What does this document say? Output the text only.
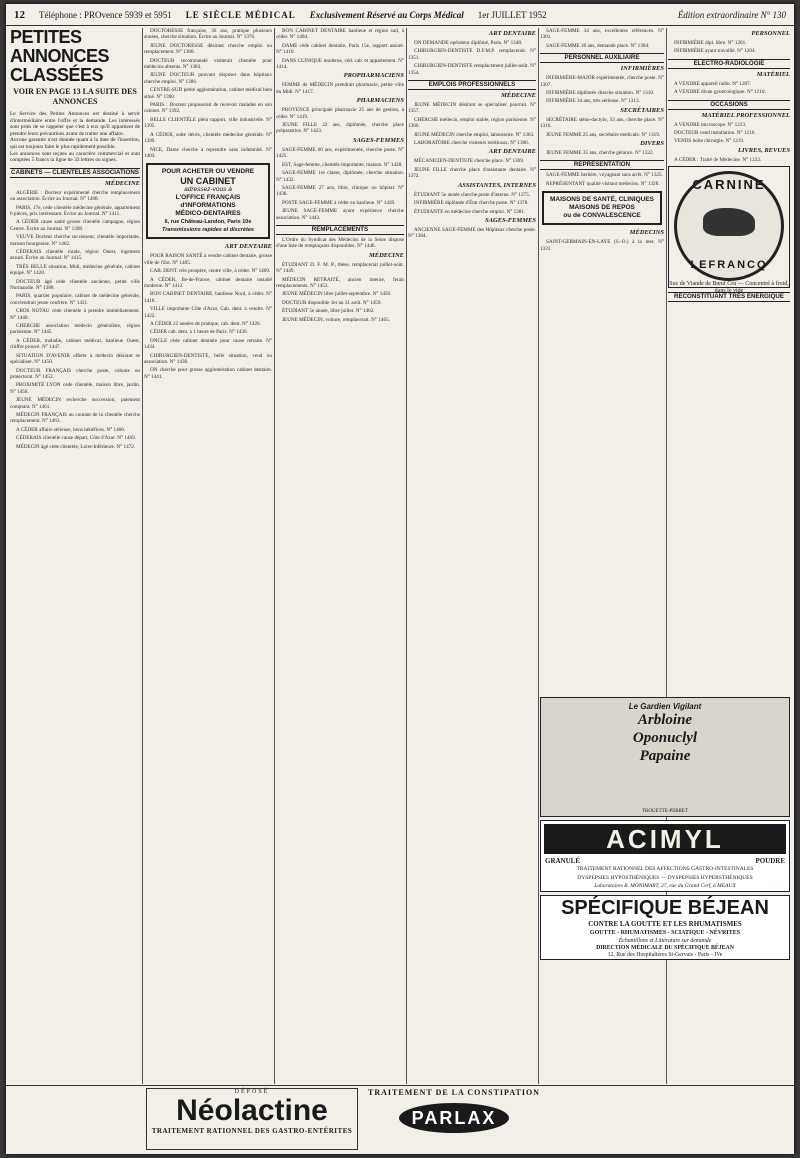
12 Téléphone : PROvence 5939 et 5951 LE SIÈCLE MÉDICAL Exclusivement Réservé au Corps Médical 1er JUILLET 1952	Édition extraordinaire N° 130
PETITES ANNONCES CLASSÉES
VOIR EN PAGE 13 LA SUITE DES ANNONCES
Le Service des Petites Annonces est destiné à servir d'intermédiaire entre l'offre et la demande. Les intéressés sont priés de se rappeler que c'est à eux qu'il appartient de prendre leurs précautions avant de traiter une affaire.
Aucune garantie n'est donnée quant à la date de l'insertion, qui est toujours faite le plus rapidement possible.
Les annonces sont reçues au caractère commercial et sont comptées 5 francs la ligne de 33 lettres ou signes.
CABINETS — CLIENTELES ASSOCIATIONS
MÉDECINE
ALGÉRIE : Docteur expérimenté cherche remplacement ou association. Écrire au Journal. N° 1408.
PARIS, 17e, cède clientèle médecine générale, appartement 6 pièces, prix intéressant. Écrire au Journal. N° 1411.
A CÉDER cause santé grosse clientèle campagne, région Centre. Écrire au Journal. N° 1398.
VEUVE Docteur cherche successeur, clientèle importante, maison bourgeoise. N° 1402.
CÉDERAIS clientèle rurale, région Ouest, logement assuré. Écrire au Journal. N° 1415.
TRÈS BELLE situation, Midi, médecine générale, cabinet équipé. N° 1420.
DOCTEUR âgé cède clientèle ancienne, petite ville Normandie. N° 1388.
PARIS, quartier populaire, cabinet de médecine générale, conviendrait jeune confrère. N° 1431.
CROS NOTAU cède clientèle à prendre immédiatement. N° 1440.
CHERCHE association médecin généraliste, région parisienne. N° 1445.
A CÉDER, maladie, cabinet médical, banlieue Ouest, chiffre prouvé. N° 1447.
SITUATION D'AVENIR offerte à médecin désirant se spécialiser. N° 1450.
DOCTEUR FRANÇAIS cherche poste, colonie ou protectorat. N° 1452.
PROXIMITÉ LYON cède clientèle, maison libre, jardin. N° 1458.
JEUNE MÉDECIN recherche succession, paiement comptant. N° 1461.
MÉDECIN FRANÇAIS au courant de la clientèle cherche remplacement. N° 1463.
A CÉDER affaire sérieuse, bons bénéfices. N° 1466.
CÉDERAIS clientèle cause départ, Côte d'Azur. N° 1469.
MÉDECIN âgé cède clientèle, Loire-Inférieure. N° 1472.
DOCTORESSE française, 36 ans, pratique plusieurs années, cherche situation. Écrire au Journal. N° 1376.
JEUNE DOCTORESSE désirant cherche emploi ou remplacement. N° 1380.
DOCTEUR recommandé visiterait clientèle pour médecins absents. N° 1383.
JEUNE DOCTEUR pouvant disposer dans hôpitaux cherche emploi. N° 1386.
CENTRE-SUD petite agglomération, cabinet médical bien situé. N° 1390.
PARIS : Docteur proposerait de recevoir malades en son cabinet. N° 1392.
BELLE CLIENTÈLE plein rapport, ville industrielle. N° 1395.
A CÉDER, suite décès, clientèle médecine générale. N° 1399.
NICE, Dame cherche à reprendre sans indemnité. N° 1403.
POUR ACHETER OU VENDRE
UN CABINET
adressez-vous à
L'OFFICE FRANÇAIS d'INFORMATIONS
MÉDICO-DENTAIRES
6, rue Château-Landon, Paris 10e
Transmissions rapides et discrètes
ART DENTAIRE
POUR RAISON SANTÉ à vendre cabinet dentaire, grosse ville de l'Est. N° 1405.
CAB. DENT. très prospère, centre ville, à céder. N° 1409.
A CÉDER, Ile-de-France, cabinet dentaire installé moderne. N° 1412.
BON CABINET DENTAIRE, banlieue Nord, à céder. N° 1418.
VILLE importante Côte d'Azur, Cab. dent. à vendre. N° 1422.
A CÉDER 22 années de pratique, cab. dent. N° 1426.
CÉDER cab. dent. à 1 heure de Paris. N° 1430.
ONCLE cède cabinet dentaire pour cause retraite. N° 1434.
CHIRURGIEN-DENTISTE, belle situation, vend ou association. N° 1438.
ON cherche pour grosse agglomération cabinet dentaire. N° 1441.
BON CABINET DENTAIRE banlieue et région sud, à céder. N° 1404.
DAME cède cabinet dentaire, Paris 15e, rapport assuré. N° 1410.
DANS CLINIQUE moderne, céd. cab. et appartement. N° 1414.
PROPHARMACIENS
FEMME de MÉDECIN prendrait pharmacie, petite ville du Midi. N° 1417.
PHARMACIENS
PROVENCE principale pharmacie 25 ans de gestion, à céder. N° 1419.
JEUNE FILLE 22 ans, diplômée, cherche place préparatrice. N° 1423.
SAGES-FEMMES
SAGE-FEMME 60 ans, expérimentée, cherche poste. N° 1425.
EST, Sage-femme, clientèle importante, maison. N° 1428.
SAGE-FEMME 1re classe, diplômée, cherche situation. N° 1432.
SAGE-FEMME 27 ans, libre, clinique ou hôpital. N° 1436.
POSTE SAGE-FEMME à céder en banlieue. N° 1439.
JEUNE SAGE-FEMME ayant expérience cherche association. N° 1443.
REMPLACEMENTS
L'Ordre du Syndicat des Médecins de la Seine dispose d'une liste de remplaçants disponibles. N° 1446.
MÉDECINE
ÉTUDIANT D. F. M. P., thèse, remplacerait juillet-août. N° 1449.
MÉDECIN RETRAITÉ, ancien interne, ferait remplacements. N° 1453.
JEUNE MÉDECIN libre juillet-septembre. N° 1456.
DOCTEUR disponible 1er au 31 août. N° 1459.
ÉTUDIANT 5e année, libre juillet. N° 1462.
JEUNE MÉDECIN, voiture, remplacerait. N° 1465.
ART DENTAIRE
ON DEMANDE opérateur diplômé, Paris. N° 1348.
CHIRURGIEN-DENTISTE D.F.M.P. remplacerait. N° 1351.
CHIRURGIEN-DENTISTE remplacement juillet-août. N° 1354.
EMPLOIS PROFESSIONNELS
MÉDECINE
JEUNE MÉDECIN désirant se spécialiser pourrait. N° 1357.
CHERCHE médecin, emploi stable, région parisienne. N° 1360.
JEUNE MÉDECIN cherche emploi, laboratoire. N° 1363.
LABORATOIRE cherche visiteurs médicaux. N° 1366.
ART DENTAIRE
MÉCANICIEN-DENTISTE cherche place. N° 1369.
JEUNE FILLE cherche place d'assistante dentaire. N° 1372.
ASSISTANTES, INTERNES
ÉTUDIANT 5e année cherche poste d'interne. N° 1375.
INFIRMIÈRE diplômée d'État cherche poste. N° 1378.
ÉTUDIANTE en médecine cherche emploi. N° 1381.
SAGES-FEMMES
ANCIENNE SAGE-FEMME des Hôpitaux cherche poste. N° 1384.
SAGE-FEMME 34 ans, excellentes références. N° 1301.
SAGE-FEMME 36 ans, demande place. N° 1304.
PERSONNEL AUXILIAIRE
INFIRMIÈRES
INFIRMIÈRE-MAJOR expérimentée, cherche poste. N° 1307.
INFIRMIÈRE diplômée cherche situation. N° 1310.
INFIRMIÈRE 34 ans, très sérieuse. N° 1313.
SECRÉTAIRES
SECRÉTAIRE sténo-dactylo, 33 ans, cherche place. N° 1316.
JEUNE FEMME 25 ans, secrétaire médicale. N° 1319.
DIVERS
JEUNE FEMME 35 ans, cherche gérance. N° 1322.
REPRÉSENTATION
SAGE-FEMME berbère, voyageant sans arrêt. N° 1325.
REPRÉSENTANT qualité visitant médecins. N° 1328.
MAISONS DE SANTÉ, CLINIQUES
MAISONS DE REPOS
ou de CONVALESCENCE
MÉDECINS
SAINT-GERMAIN-EN-LAYE (S.-O.) à la mer. N° 1331.
PERSONNEL
INFIRMIÈRE dipl. libre. N° 1201.
INFIRMIÈRE ayant travaillé. N° 1204.
ÉLECTRO-RADIOLOGIE
MATÉRIEL
A VENDRE appareil radio. N° 1207.
A VENDRE divan gynécologique. N° 1210.
OCCASIONS
MATÉRIEL PROFESSIONNEL
A VENDRE microscope. N° 1213.
DOCTEUR vend installation. N° 1216.
VENDS boîte chirurgie. N° 1219.
LIVRES, REVUES
A CÉDER : Traité de Médecine. N° 1222.
CARNINE
LEFRANCQ
Suc de Viande de Bœuf Cru — Concentré à froid, dans le vide
RECONSTITUANT TRÈS ÉNERGIQUE
Le Gardien Vigilant
Arbloine
Oponuclyl
Papaine
TROUETTE-PERRET
ACIMYL
GRANULÉ	POUDRE
TRAITEMENT RATIONNEL DES AFFECTIONS GASTRO-INTESTINALES
DYSPEPSIES HYPOSTHÉNIQUES — DYSPEPSIES HYPERSTHÉNIQUES
Laboratoires B. MONIMART, 27, rue du Grand Cerf, à MEAUX
SPÉCIFIQUE BÉJEAN
CONTRE LA GOUTTE ET LES RHUMATISMES
GOUTTE - RHUMATISMES - SCIATIQUE - NÉVRITES
Échantillons et Littérature sur demande
DIRECTION MÉDICALE DU SPÉCIFIQUE BÉJEAN
12, Rue des Hospitalières St-Gervais - Paris - IVe
DÉPOSÉ
Néolactine
TRAITEMENT RATIONNEL DES GASTRO-ENTÉRITES
TRAITEMENT DE LA CONSTIPATION
PARLAX
